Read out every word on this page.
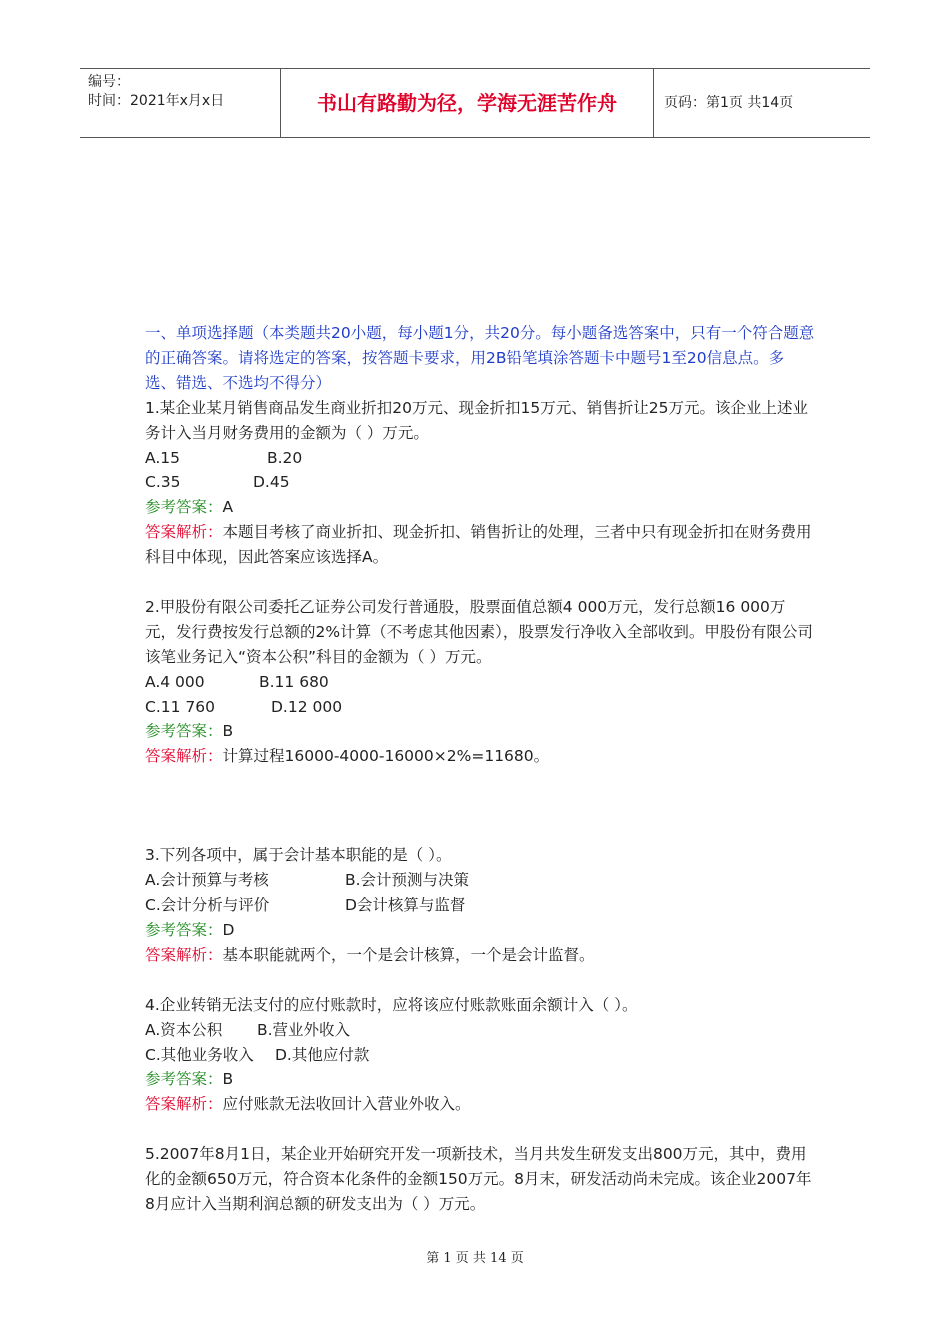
编号：
时间：2021年x月x日	书山有路勤为径，学海无涯苦作舟	页码：第1页 共14页

一、单项选择题（本类题共20小题，每小题1分，共20分。每小题备选答案中，只有一个符合题意的正确答案。请将选定的答案，按答题卡要求，用2B铅笔填涂答题卡中题号1至20信息点。多选、错选、不选均不得分）

1.某企业某月销售商品发生商业折扣20万元、现金折扣15万元、销售折让25万元。该企业上述业务计入当月财务费用的金额为（ ）万元。

A.15	B.20

C.35	D.45

参考答案：A

答案解析：本题目考核了商业折扣、现金折扣、销售折让的处理，三者中只有现金折扣在财务费用科目中体现，因此答案应该选择A。

2.甲股份有限公司委托乙证券公司发行普通股，股票面值总额4 000万元，发行总额16 000万元，发行费按发行总额的2%计算（不考虑其他因素），股票发行净收入全部收到。甲股份有限公司该笔业务记入“资本公积”科目的金额为（ ）万元。

A.4 000	B.11 680

C.11 760	D.12 000

参考答案：B

答案解析：计算过程16000-4000-16000×2%=11680。

3.下列各项中，属于会计基本职能的是（ ）。

A.会计预算与考核	B.会计预测与决策

C.会计分析与评价	D会计核算与监督

参考答案：D

答案解析：基本职能就两个，一个是会计核算，一个是会计监督。

4.企业转销无法支付的应付账款时，应将该应付账款账面余额计入（ ）。

A.资本公积 B.营业外收入

C.其他业务收入 D.其他应付款

参考答案：B

答案解析：应付账款无法收回计入营业外收入。

5.2007年8月1日，某企业开始研究开发一项新技术，当月共发生研发支出800万元，其中，费用化的金额650万元，符合资本化条件的金额150万元。8月末，研发活动尚未完成。该企业2007年8月应计入当期利润总额的研发支出为（ ）万元。

第 1 页 共 14 页
